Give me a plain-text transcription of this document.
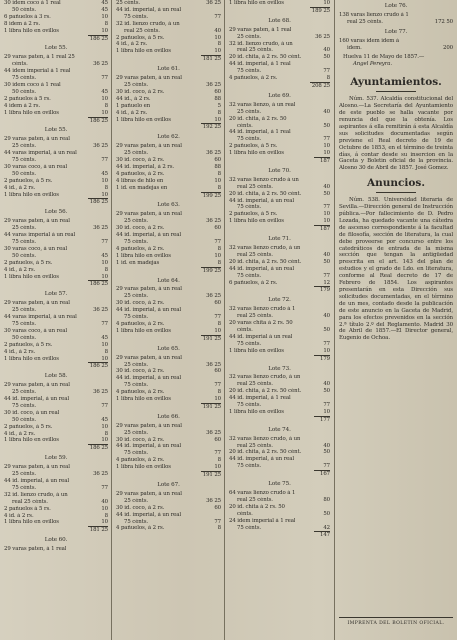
30 idem coco á 1 real	45
50 cénts.	45
6 pañuelos á 3 rs.	10
8 idem á 2 rs.	8
1 libra hilo en ovillos	10
186 25
Lote 55.
29 varas paten, á 1 real 25
cénts.	36 25
44 idem imperial á 1 real
75 cénts.	77
30 idem coco á 1 real
50 cénts.	45
2 pañuelos á 5 rs.	10
4 idem á 2 rs.	8
1 libra hilo en ovillos	10
186 25
Lote 55.
29 varas paten, á un real
25 cénts.	36 25
44 varas imperial, á un real
75 cénts.	77
30 varas coco, á un real
50 cénts.	45
2 pañuelos, á 5 rs.	10
4 id., á 2 rs.	8
1 libra hilo en ovillos	10
186 25
Lote 56.
29 varas paten, á un real
25 cénts.	36 25
44 varas imperial á un real
75 cénts.	77
30 varas coco, á un real
50 cénts.	45
2 pañuelos, á 5 rs.	10
4 id., á 2 rs.	8
1 libra hilo en ovillos	10
186 25
Lote 57.
29 varas paten, á un real
25 cénts.	36 25
44 varas imperial, á un real
75 cénts.	77
30 varas coco, á un real
50 cénts.	45
2 pañuelos, á 5 rs.	10
4 id., á 2 rs.	8
1 libra hilo en ovillos	10
186 25
Lote 58.
29 varas paten, á un real
25 cénts.	36 25
44 id. imperial, á un real
75 cénts.	77
30 id. coco, á un real
50 cénts.	45
2 pañuelos, á 5 rs.	10
4 id., á 2 rs.	8
1 libra hilo en ovillos	10
186 25
Lote 59.
29 varas paten, á un real
25 cénts.	36 25
44 id. imperial, á un real
75 cénts.	77
32 id. lienzo crudo, á un
real 25 cénts.	40
2 pañuelos á 5 rs.	10
4 id. á 2 rs.	8
1 libra hilo en ovillos	10
181 25
Lote 60.
29 varas paten, á 1 real
25 cénts.	36 25
44 id. imperial, á un real
75 cénts.	77
32 id. lienzo crudo, á un
real 25 cénts.	40
2 pañuelos, á 5 rs.	10
4 id., á 2 rs.	8
1 libra hilo en ovillos	10
181 25
Lote 61.
29 varas paten, á un real
25 cénts.	36 25
30 id. coco, á 2 rs.	60
44 id., á 2 rs.	88
1 pañuelo en	5
4 id., á 2 rs.	8
1 libra hilo en ovillos	10
192 25
Lote 62.
29 varas paten, á un real
25 cénts.	36 25
30 id. coco, á 2 rs.	60
44 id. imperial, á 2 rs.	88
4 pañuelos, á 2 rs.	8
4 libras de hilo en	10
1 id. en madejas en	8
199 25
Lote 63.
29 varas paten, á un real
25 cénts.	36 25
30 id. coco, á 2 rs.	60
44 id. imperial, á un real
75 cénts.	77
4 pañuelos, á 2 rs.	8
1 libra hilo en ovillos	10
1 id. en madejas	8
199 25
Lote 64.
29 varas paten, á un real
25 cénts.	36 25
30 id. coco, á 2 rs.	60
44 id. imperial, á un real
75 cénts.	77
4 pañuelos, á 2 rs.	8
1 libra hilo en ovillos	10
191 25
Lote 65.
29 varas paten, á un real
25 cénts.	36 25
30 id. coco, á 2 rs.	60
44 id. imperial, á un real
75 cénts.	77
4 pañuelos, á 2 rs.	8
1 libra hilo en ovillos	10
191 25
Lote 66.
29 varas paten, á un real
25 cénts.	36 25
30 id. coco, á 2 rs.	60
44 id. imperial, á un real
75 cénts.	77
4 pañuelos, á 2 rs.	8
1 libra hilo en ovillos	10
191 25
Lote 67.
29 varas paten, á un real
25 cénts.	36 25
30 id. coco, á 2 rs.	60
44 id. imperial, á un real
75 cénts.	77
4 pañuelos, á 2 rs.	8
1 libra hilo en ovillos	10
189 25
Lote 68.
29 varas paten, á 1 real
25 cénts.	36 25
32 id. lienzo crudo, á un
real 25 cénts.	40
20 id. chita, á 2 rs. 50 cént.	50
44 id. imperial, á 1 real
75 cénts.	77
4 pañuelos, á 2 rs.	8
208 25
Lote 69.
32 varas lienzo, á un real
25 cénts.	40
20 id. chita, á 2 rs. 50
cénts.	50
44 id. imperial, á 1 real
75 cénts.	77
2 pañuelos, á 5 rs.	10
1 libra hilo en ovillos	10
187
Lote 70.
32 varas lienzo crudo á un
real 25 cénts.	40
20 id. chita, á 2 rs. 50 cént.	50
44 id. imperial, á un real
75 cénts.	77
2 pañuelos, á 5 rs.	10
1 libra hilo en ovillos	10
187
Lote 71.
32 varas lienzo crudo, á un
real 25 cénts.	40
20 id. chita, á 2 rs. 50 cént.	50
44 id. imperial, á un real
75 cénts.	77
6 pañuelos, á 2 rs.	12
179
Lote 72.
32 varas lienzo crudo á 1
real 25 cénts.	40
20 varas chita á 2 rs. 50
cénts.	50
44 id. imperial á un real
75 cénts.	77
1 libra hilo en ovillos	10
179
Lote 73.
32 varas lienzo crudo, á un
real 25 cénts.	40
20 id. chita, á 2 rs. 50 cént.	50
44 id. imperial, á 1 real
75 cénts.	77
1 libra hilo en ovillos	10
177
Lote 74.
32 varas lienzo crudo, á un
real 25 cénts.	40
20 id. chita, á 2 rs. 50 cént.	50
44 id. imperial, á un real
75 cénts.	77
167
Lote 75.
64 varas lienzo crudo á 1
real 25 cénts.	80
20 id. chita á 2 rs. 50
cénts.	50
24 idem imperial á 1 real
75 cénts.	42
147
Lote 76.
138 varas lienzo crudo á 1
real 25 cénts.	172 50
Lote 77.
160 varas idem idem á
idem.	200
Huelva 11 de Mayo de 1857.—
Angel Pereyra.
Ayuntamientos.
Núm. 537. Alcaldía constitucional del Alosno.—La Secretaría del Ayuntamiento de este pueblo se halla vacante por renuncia del que la obtenía. Los aspirantes á ella remitirán á esta Alcaldía sus solicitudes documentadas según previene el Real decreto de 19 de Octubre de 1853, en el término de treinta días, á contar desde su insercion en la Gaceta y Boletin oficial de la provincia. Alosno 30 de Abril de 1857. José Gomez.
Anuncios.
Núm. 538. Universidad literaria de Sevilla.—Dirección general de Instrucción pública.—Por fallecimiento de D. Pedro Lozada, ha quedado vacante una cátedra de ascenso correspondiente á la facultad de filosofía, sección de literatura, la cual debe proveerse por concurso entre los catedráticos de entrada de la misma sección que tengan la antigüedad prescrita en el art. 143 del plan de estudios y el grado de Ldo. en literatura, conforme al Real decreto de 17 de Febrero de 1854. Los aspirantes presentarán en esta Dirección sus solicitudes documentadas, en el término de un mes, contado desde la publicación de este anuncio en la Gaceta de Madrid, para los efectos prevenidos en la sección 2.ª título 2.º del Reglamento. Madrid 30 de Abril de 1857.—El Director general, Eugenio de Ochoa.
IMPRENTA DEL BOLETIN OFICIAL.
